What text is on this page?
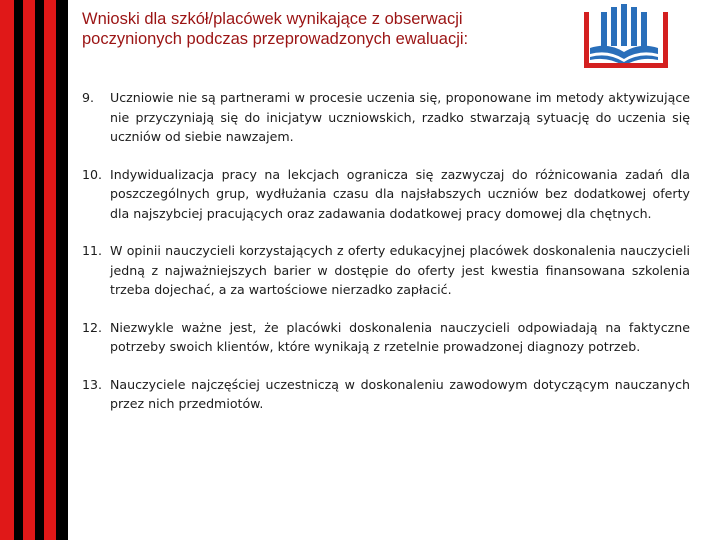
Wnioski dla szkół/placówek wynikające z obserwacji
poczynionych podczas przeprowadzonych ewaluacji:
9. Uczniowie nie są partnerami w procesie uczenia się, proponowane im metody aktywizujące nie przyczyniają się do inicjatyw uczniowskich, rzadko stwarzają sytuację do uczenia się uczniów od siebie nawzajem.
10. Indywidualizacja pracy na lekcjach ogranicza się zazwyczaj do różnicowania zadań dla poszczególnych grup, wydłużania czasu dla najsłabszych uczniów bez dodatkowej oferty dla najszybciej pracujących oraz zadawania dodatkowej pracy domowej dla chętnych.
11. W opinii nauczycieli korzystających z oferty edukacyjnej placówek doskonalenia nauczycieli jedną z najważniejszych barier w dostępie do oferty jest kwestia finansowana szkolenia trzeba dojechać, a za wartościowe nierzadko zapłacić.
12. Niezwykle ważne jest, że placówki doskonalenia nauczycieli odpowiadają na faktyczne potrzeby swoich klientów, które wynikają z rzetelnie prowadzonej diagnozy potrzeb.
13. Nauczyciele najczęściej uczestniczą w doskonaleniu zawodowym dotyczącym nauczanych przez nich przedmiotów.
